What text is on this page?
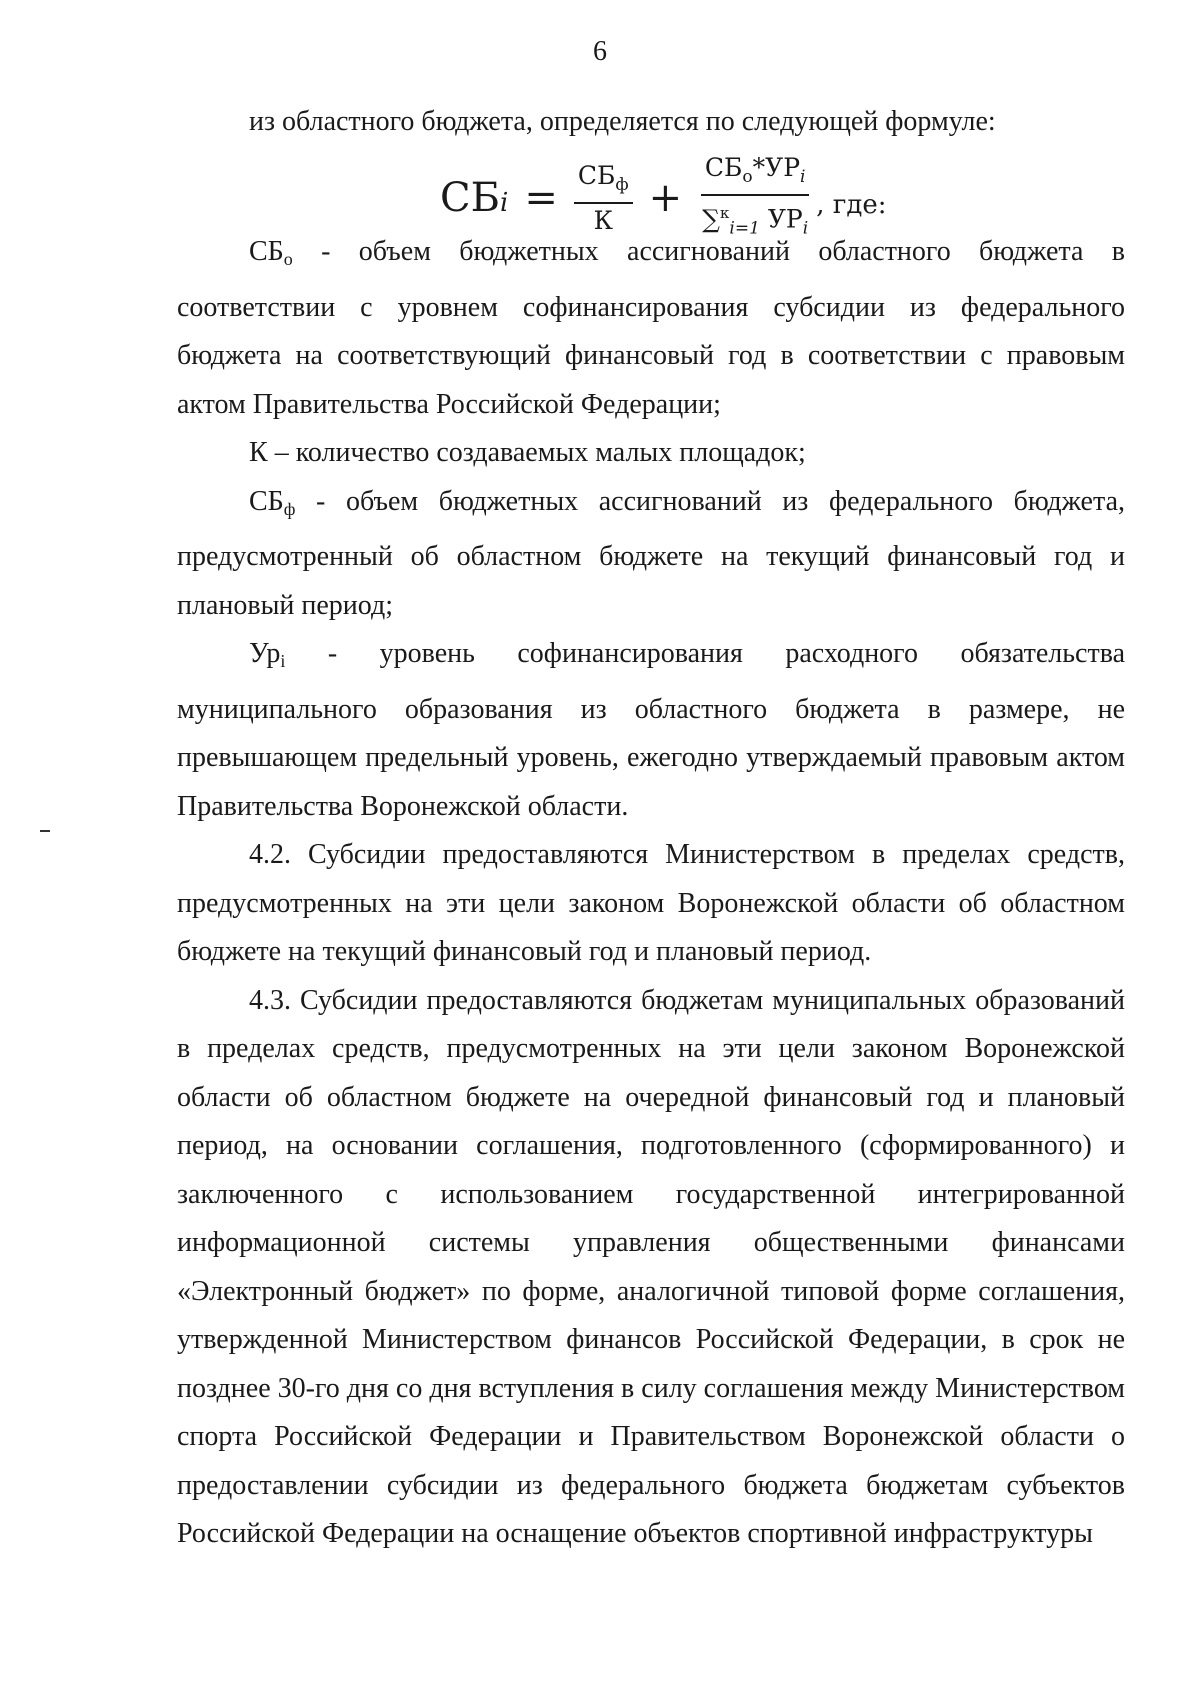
6

из областного бюджета, определяется по следующей формуле:

СБ $i = \frac{СБ_ф}{К} + \frac{СБ_о*УР_i}{\sum^к_{i=1} УР_i}$ , где:

СБо - объем бюджетных ассигнований областного бюджета в соответствии с уровнем софинансирования субсидии из федерального бюджета на соответствующий финансовый год в соответствии с правовым актом Правительства Российской Федерации;

К – количество создаваемых малых площадок;

СБф - объем бюджетных ассигнований из федерального бюджета, предусмотренный об областном бюджете на текущий финансовый год и плановый период;

Урi - уровень софинансирования расходного обязательства муниципального образования из областного бюджета в размере, не превышающем предельный уровень, ежегодно утверждаемый правовым актом Правительства Воронежской области.

4.2. Субсидии предоставляются Министерством в пределах средств, предусмотренных на эти цели законом Воронежской области об областном бюджете на текущий финансовый год и плановый период.

4.3. Субсидии предоставляются бюджетам муниципальных образований в пределах средств, предусмотренных на эти цели законом Воронежской области об областном бюджете на очередной финансовый год и плановый период, на основании соглашения, подготовленного (сформированного) и заключенного с использованием государственной интегрированной информационной системы управления общественными финансами «Электронный бюджет» по форме, аналогичной типовой форме соглашения, утвержденной Министерством финансов Российской Федерации, в срок не позднее 30-го дня со дня вступления в силу соглашения между Министерством спорта Российской Федерации и Правительством Воронежской области о предоставлении субсидии из федерального бюджета бюджетам субъектов Российской Федерации на оснащение объектов спортивной инфраструктуры
